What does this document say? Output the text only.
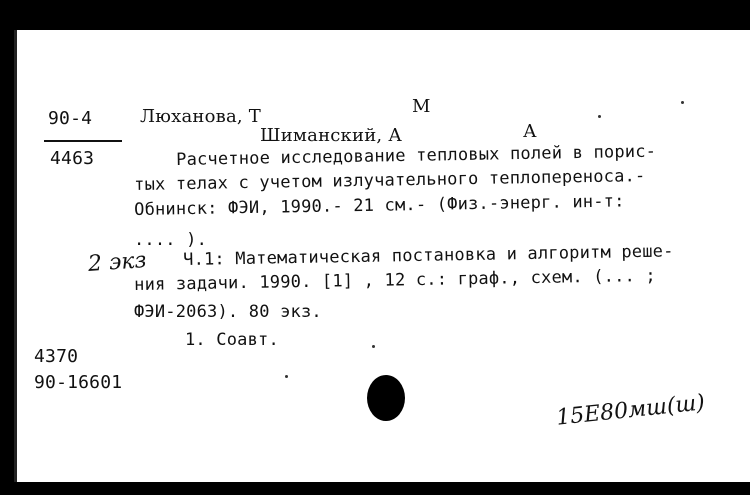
90-4
4463
Люханова, Т	М
Шиманский, А	А
Расчетное исследование тепловых полей в порис-
тых телах с учетом излучательного теплопереноса.-
Обнинск: ФЭИ, 1990.- 21 см.- (Физ.-энерг. ин-т:
.... ).
2 экз Ч.1: Математическая постановка и алгоритм реше-
ния задачи. 1990. [1] , 12 с.: граф., схем. (... ;
ФЭИ-2063). 80 экз.
1. Соавт.
4370
90-16601
15Е80мш(ш)
